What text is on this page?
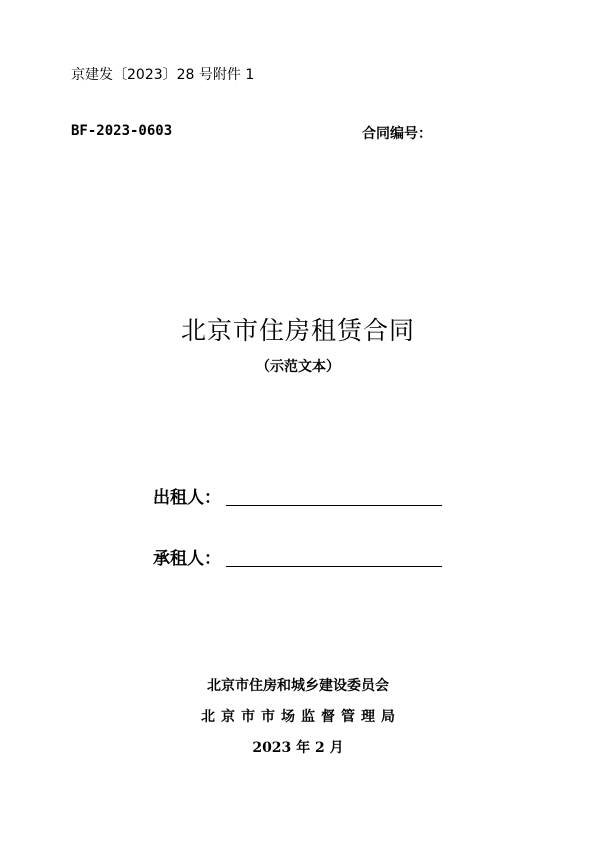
京建发〔2023〕28 号附件 1
BF-2023-0603	合同编号：
北京市住房租赁合同
（示范文本）
出租人：
承租人：
北京市住房和城乡建设委员会
北京市市场监督管理局
2023 年 2 月
